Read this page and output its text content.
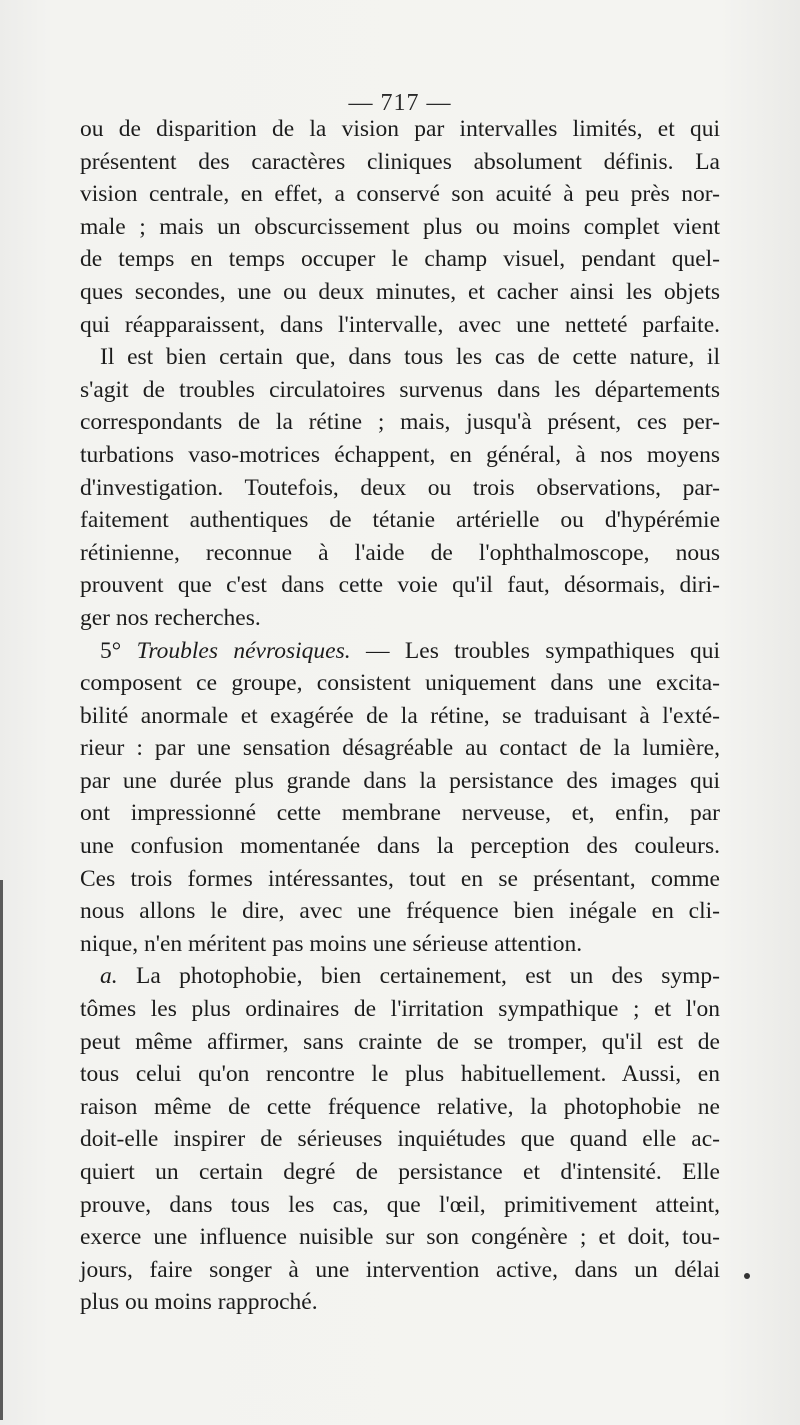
— 717 —
ou de disparition de la vision par intervalles limités, et qui
présentent des caractères cliniques absolument définis. La
vision centrale, en effet, a conservé son acuité à peu près nor-
male ; mais un obscurcissement plus ou moins complet vient
de temps en temps occuper le champ visuel, pendant quel-
ques secondes, une ou deux minutes, et cacher ainsi les objets
qui réapparaissent, dans l'intervalle, avec une netteté parfaite.
Il est bien certain que, dans tous les cas de cette nature, il
s'agit de troubles circulatoires survenus dans les départements
correspondants de la rétine ; mais, jusqu'à présent, ces per-
turbations vaso-motrices échappent, en général, à nos moyens
d'investigation. Toutefois, deux ou trois observations, par-
faitement authentiques de tétanie artérielle ou d'hypérémie
rétinienne, reconnue à l'aide de l'ophthalmoscope, nous
prouvent que c'est dans cette voie qu'il faut, désormais, diri-
ger nos recherches.
5° Troubles névrosiques. — Les troubles sympathiques qui
composent ce groupe, consistent uniquement dans une excita-
bilité anormale et exagérée de la rétine, se traduisant à l'exté-
rieur : par une sensation désagréable au contact de la lumière,
par une durée plus grande dans la persistance des images qui
ont impressionné cette membrane nerveuse, et, enfin, par
une confusion momentanée dans la perception des couleurs.
Ces trois formes intéressantes, tout en se présentant, comme
nous allons le dire, avec une fréquence bien inégale en cli-
nique, n'en méritent pas moins une sérieuse attention.
a. La photophobie, bien certainement, est un des symp-
tômes les plus ordinaires de l'irritation sympathique ; et l'on
peut même affirmer, sans crainte de se tromper, qu'il est de
tous celui qu'on rencontre le plus habituellement. Aussi, en
raison même de cette fréquence relative, la photophobie ne
doit-elle inspirer de sérieuses inquiétudes que quand elle ac-
quiert un certain degré de persistance et d'intensité. Elle
prouve, dans tous les cas, que l'œil, primitivement atteint,
exerce une influence nuisible sur son congénère ; et doit, tou-
jours, faire songer à une intervention active, dans un délai
plus ou moins rapproché.
